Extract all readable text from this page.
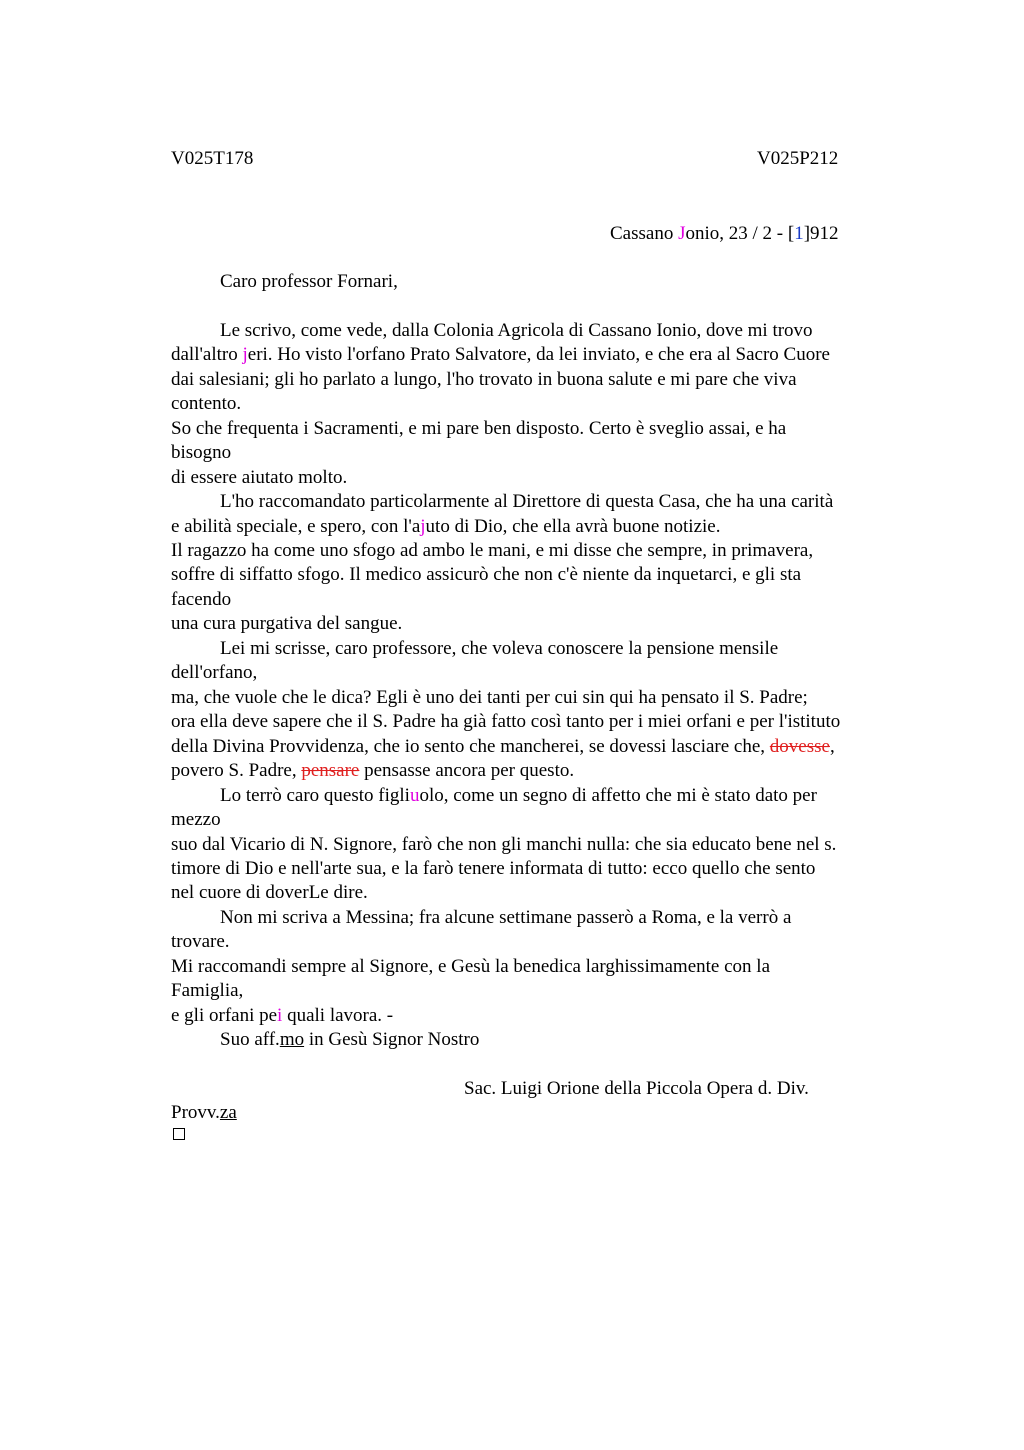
V025T178	V025P212
Cassano Jonio, 23 / 2 - [1]912
Caro professor Fornari,
Le scrivo, come vede, dalla Colonia Agricola di Cassano Ionio, dove mi trovo
dall'altro jeri. Ho visto l'orfano Prato Salvatore, da lei inviato, e che era al Sacro Cuore
dai salesiani; gli ho parlato a lungo, l'ho trovato in buona salute e mi pare che viva
contento.
So che frequenta i Sacramenti, e mi pare ben disposto. Certo è sveglio assai, e ha
bisogno
di essere aiutato molto.
L'ho raccomandato particolarmente al Direttore di questa Casa, che ha una carità
e abilità speciale, e spero, con l'ajuto di Dio, che ella avrà buone notizie.
Il ragazzo ha come uno sfogo ad ambo le mani, e mi disse che sempre, in primavera,
soffre di siffatto sfogo. Il medico assicurò che non c'è niente da inquetarci, e gli sta
facendo
una cura purgativa del sangue.
Lei mi scrisse, caro professore, che voleva conoscere la pensione mensile
dell'orfano,
ma, che vuole che le dica? Egli è uno dei tanti per cui sin qui ha pensato il S. Padre;
ora ella deve sapere che il S. Padre ha già fatto così tanto per i miei orfani e per l'istituto
della Divina Provvidenza, che io sento che mancherei, se dovessi lasciare che, dovesse,
povero S. Padre, pensare pensasse ancora per questo.
Lo terrò caro questo figliuolo, come un segno di affetto che mi è stato dato per
mezzo
suo dal Vicario di N. Signore, farò che non gli manchi nulla: che sia educato bene nel s.
timore di Dio e nell'arte sua, e la farò tenere informata di tutto: ecco quello che sento
nel cuore di doverLe dire.
Non mi scriva a Messina; fra alcune settimane passerò a Roma, e la verrò a
trovare.
Mi raccomandi sempre al Signore, e Gesù la benedica larghissimamente con la
Famiglia,
e gli orfani pei quali lavora. -
Suo aff.mo in Gesù Signor Nostro
Sac. Luigi Orione della Piccola Opera d. Div.
Provv.za
